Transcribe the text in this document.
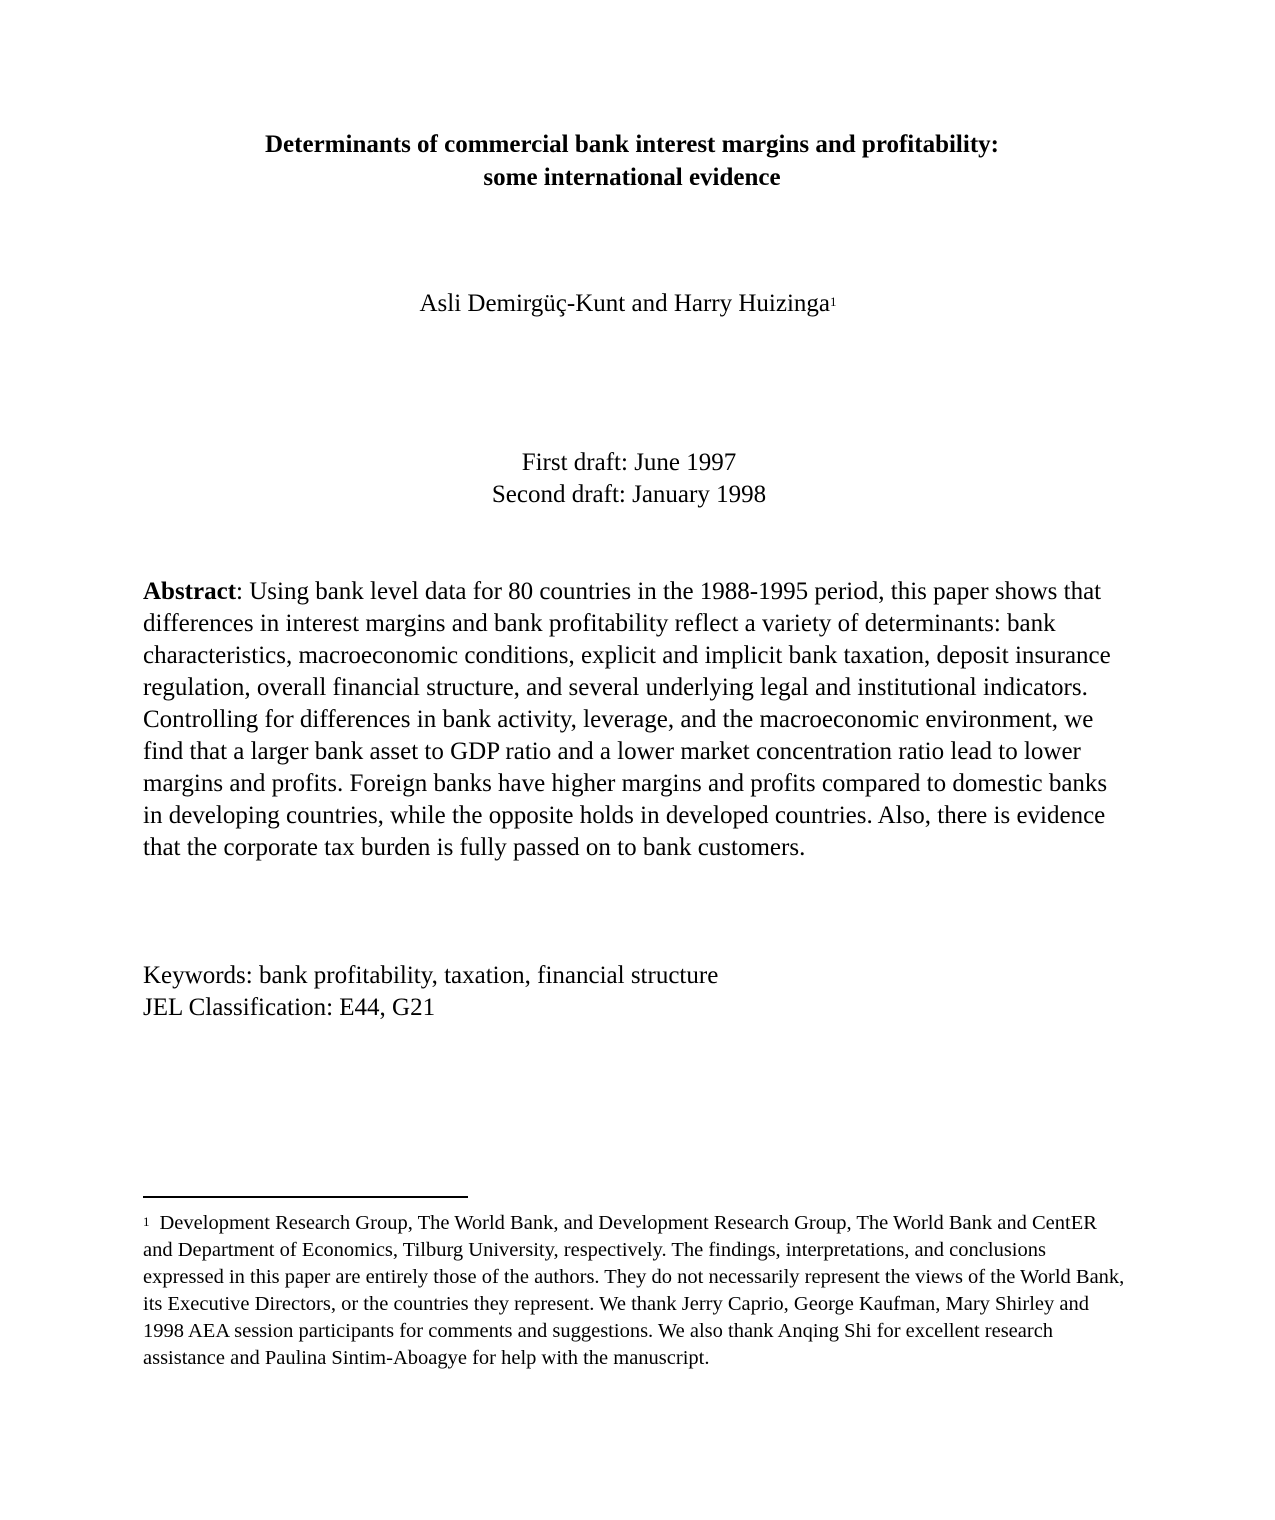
Determinants of commercial bank interest margins and profitability:
some international evidence
Asli Demirgüç-Kunt and Harry Huizinga$^1$
First draft: June 1997
Second draft: January 1998

Abstract: Using bank level data for 80 countries in the 1988-1995 period, this paper shows that differences in interest margins and bank profitability reflect a variety of determinants: bank characteristics, macroeconomic conditions, explicit and implicit bank taxation, deposit insurance regulation, overall financial structure, and several underlying legal and institutional indicators. Controlling for differences in bank activity, leverage, and the macroeconomic environment, we find that a larger bank asset to GDP ratio and a lower market concentration ratio lead to lower margins and profits. Foreign banks have higher margins and profits compared to domestic banks in developing countries, while the opposite holds in developed countries. Also, there is evidence that the corporate tax burden is fully passed on to bank customers.

Keywords: bank profitability, taxation, financial structure
JEL Classification: E44, G21

$^1$ Development Research Group, The World Bank, and Development Research Group, The World Bank and CentER and Department of Economics, Tilburg University, respectively. The findings, interpretations, and conclusions expressed in this paper are entirely those of the authors. They do not necessarily represent the views of the World Bank, its Executive Directors, or the countries they represent. We thank Jerry Caprio, George Kaufman, Mary Shirley and 1998 AEA session participants for comments and suggestions. We also thank Anqing Shi for excellent research assistance and Paulina Sintim-Aboagye for help with the manuscript.
